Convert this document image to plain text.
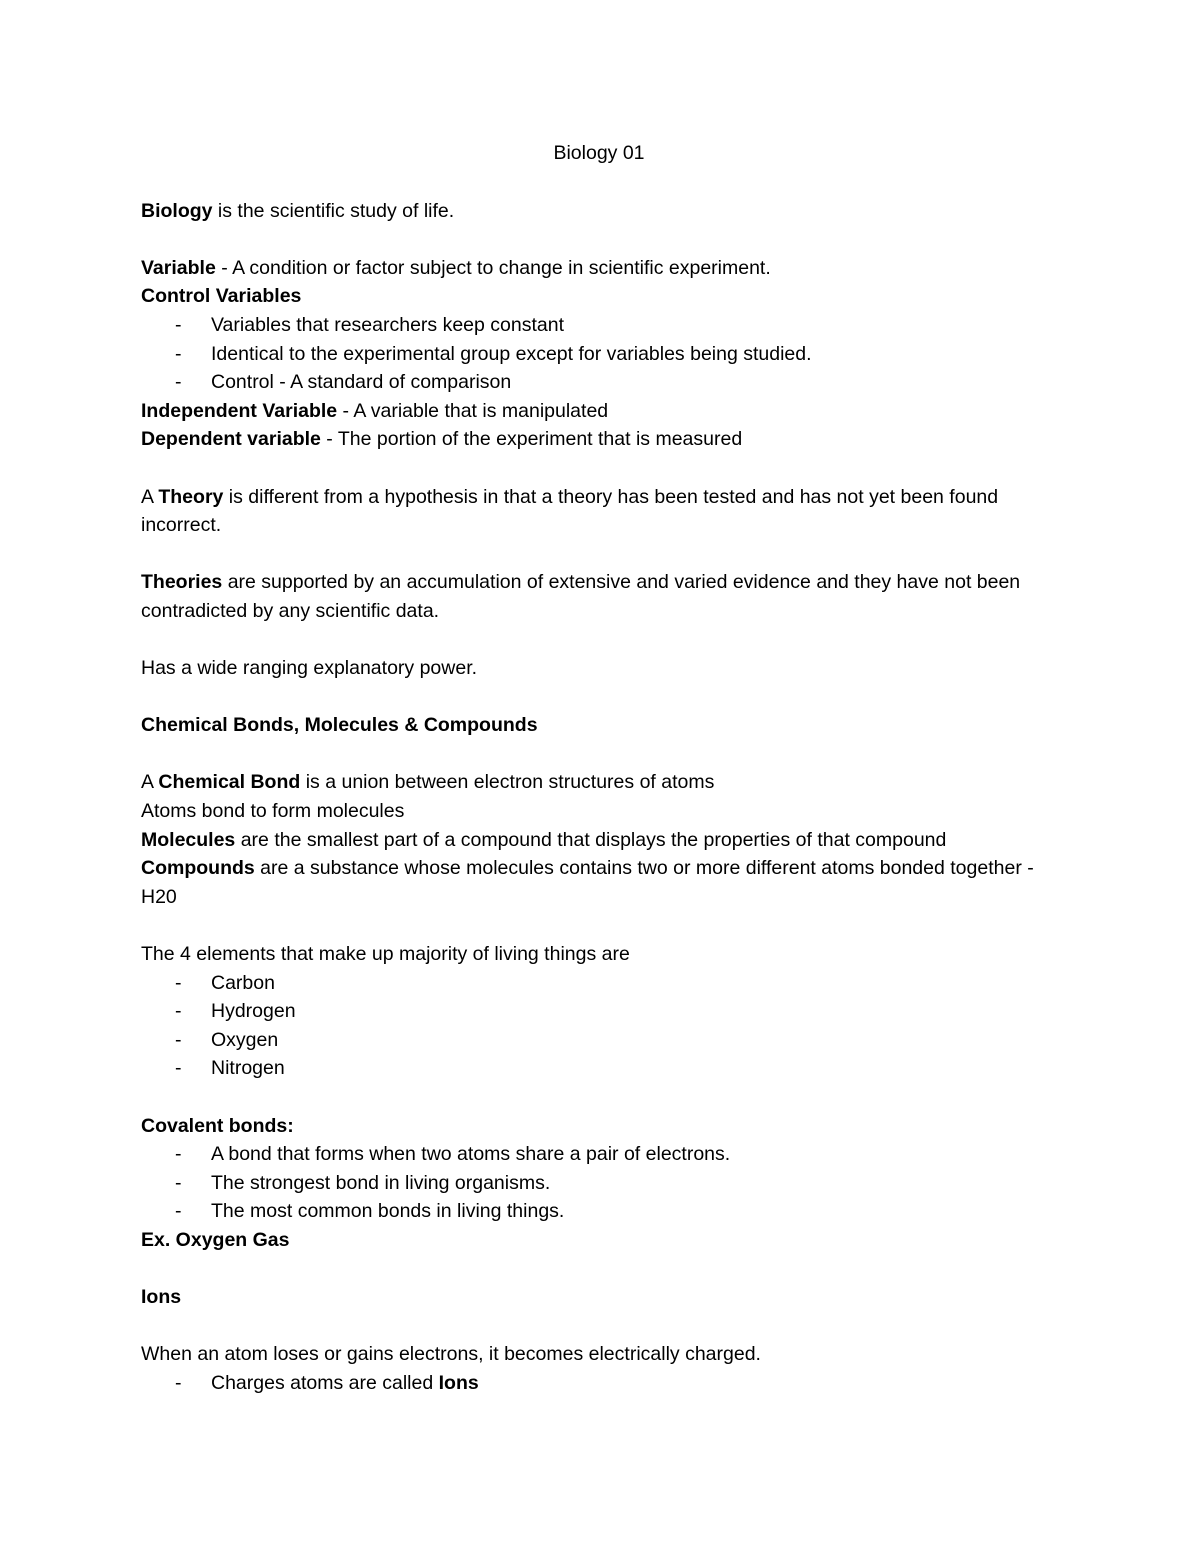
Biology 01
Biology is the scientific study of life.
Variable - A condition or factor subject to change in scientific experiment.
Control Variables
- Variables that researchers keep constant
- Identical to the experimental group except for variables being studied.
- Control - A standard of comparison
Independent Variable - A variable that is manipulated
Dependent variable - The portion of the experiment that is measured
A Theory is different from a hypothesis in that a theory has been tested and has not yet been found incorrect.
Theories are supported by an accumulation of extensive and varied evidence and they have not been contradicted by any scientific data.
Has a wide ranging explanatory power.
Chemical Bonds, Molecules & Compounds
A Chemical Bond is a union between electron structures of atoms
Atoms bond to form molecules
Molecules are the smallest part of a compound that displays the properties of that compound
Compounds are a substance whose molecules contains two or more different atoms bonded together - H20
The 4 elements that make up majority of living things are
- Carbon
- Hydrogen
- Oxygen
- Nitrogen
Covalent bonds:
- A bond that forms when two atoms share a pair of electrons.
- The strongest bond in living organisms.
- The most common bonds in living things.
Ex. Oxygen Gas
Ions
When an atom loses or gains electrons, it becomes electrically charged.
- Charges atoms are called Ions
